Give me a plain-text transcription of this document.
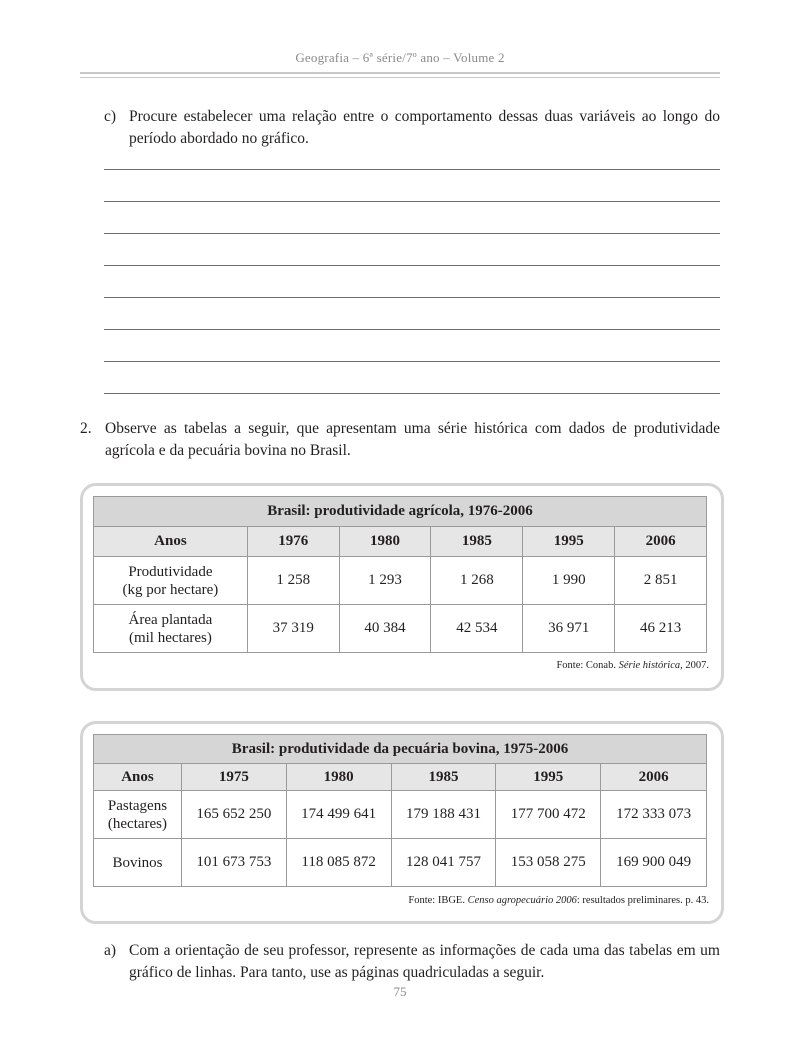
Geografia – 6ª série/7º ano – Volume 2
c) Procure estabelecer uma relação entre o comportamento dessas duas variáveis ao longo do período abordado no gráfico.
2. Observe as tabelas a seguir, que apresentam uma série histórica com dados de produtividade agrícola e da pecuária bovina no Brasil.
Brasil: produtividade agrícola, 1976-2006					
Anos	1976	1980	1985	1995	2006
Produtividade
(kg por hectare)	1 258	1 293	1 268	1 990	2 851
Área plantada
(mil hectares)	37 319	40 384	42 534	36 971	46 213
Fonte: Conab. Série histórica, 2007.
Brasil: produtividade da pecuária bovina, 1975-2006					
Anos	1975	1980	1985	1995	2006
Pastagens
(hectares)	165 652 250	174 499 641	179 188 431	177 700 472	172 333 073
Bovinos	101 673 753	118 085 872	128 041 757	153 058 275	169 900 049
Fonte: IBGE. Censo agropecuário 2006: resultados preliminares. p. 43.
a) Com a orientação de seu professor, represente as informações de cada uma das tabelas em um gráfico de linhas. Para tanto, use as páginas quadriculadas a seguir.
75
